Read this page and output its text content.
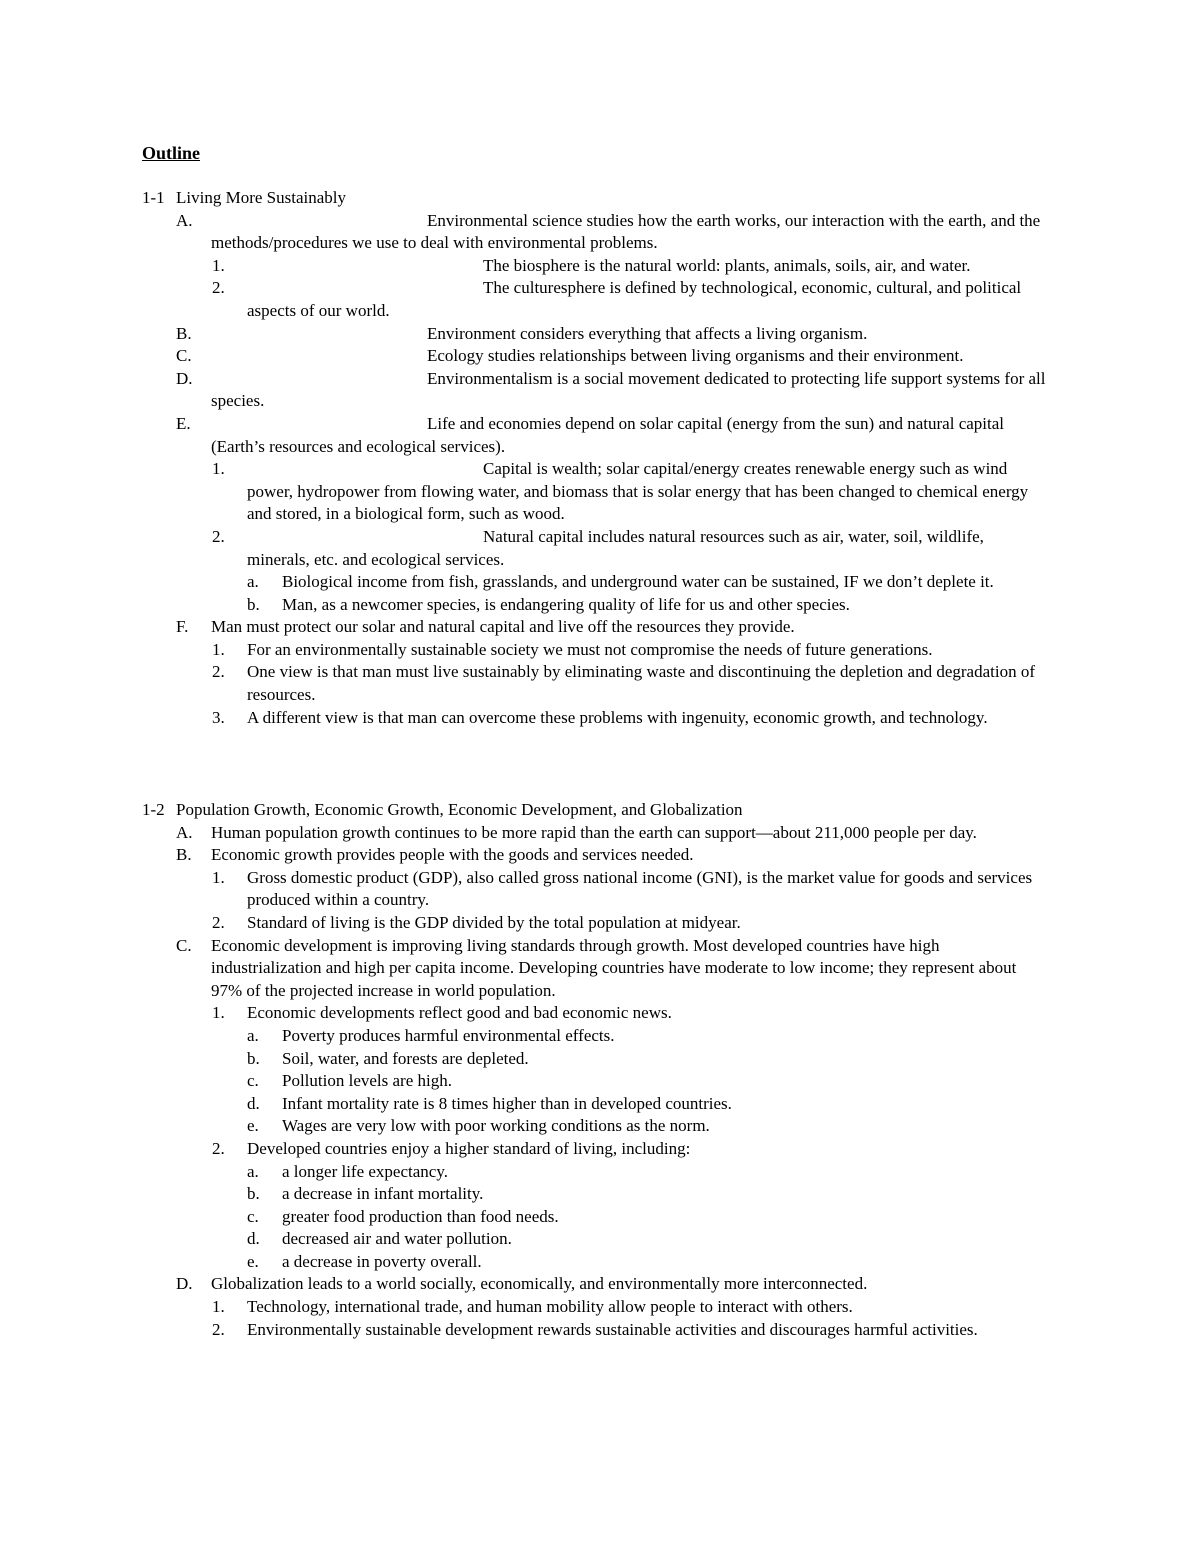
Outline
1-1 Living More Sustainably
A.	Environmental science studies how the earth works, our interaction with the earth, and the methods/procedures we use to deal with environmental problems.
1.	The biosphere is the natural world: plants, animals, soils, air, and water.
2.	The culturesphere is defined by technological, economic, cultural, and political aspects of our world.
B.	Environment considers everything that affects a living organism.
C.	Ecology studies relationships between living organisms and their environment.
D.	Environmentalism is a social movement dedicated to protecting life support systems for all species.
E.	Life and economies depend on solar capital (energy from the sun) and natural capital (Earth’s resources and ecological services).
1.	Capital is wealth; solar capital/energy creates renewable energy such as wind power, hydropower from flowing water, and biomass that is solar energy that has been changed to chemical energy and stored, in a biological form, such as wood.
2.	Natural capital includes natural resources such as air, water, soil, wildlife, minerals, etc. and ecological services.
a. Biological income from fish, grasslands, and underground water can be sustained, IF we don’t deplete it.
b. Man, as a newcomer species, is endangering quality of life for us and other species.
F. Man must protect our solar and natural capital and live off the resources they provide.
1. For an environmentally sustainable society we must not compromise the needs of future generations.
2. One view is that man must live sustainably by eliminating waste and discontinuing the depletion and degradation of resources.
3. A different view is that man can overcome these problems with ingenuity, economic growth, and technology.
1-2 Population Growth, Economic Growth, Economic Development, and Globalization
A. Human population growth continues to be more rapid than the earth can support—about 211,000 people per day.
B. Economic growth provides people with the goods and services needed.
1. Gross domestic product (GDP), also called gross national income (GNI), is the market value for goods and services produced within a country.
2. Standard of living is the GDP divided by the total population at midyear.
C. Economic development is improving living standards through growth. Most developed countries have high industrialization and high per capita income. Developing countries have moderate to low income; they represent about 97% of the projected increase in world population.
1. Economic developments reflect good and bad economic news.
a. Poverty produces harmful environmental effects.
b. Soil, water, and forests are depleted.
c. Pollution levels are high.
d. Infant mortality rate is 8 times higher than in developed countries.
e. Wages are very low with poor working conditions as the norm.
2. Developed countries enjoy a higher standard of living, including:
a. a longer life expectancy.
b. a decrease in infant mortality.
c. greater food production than food needs.
d. decreased air and water pollution.
e. a decrease in poverty overall.
D. Globalization leads to a world socially, economically, and environmentally more interconnected.
1. Technology, international trade, and human mobility allow people to interact with others.
2. Environmentally sustainable development rewards sustainable activities and discourages harmful activities.
